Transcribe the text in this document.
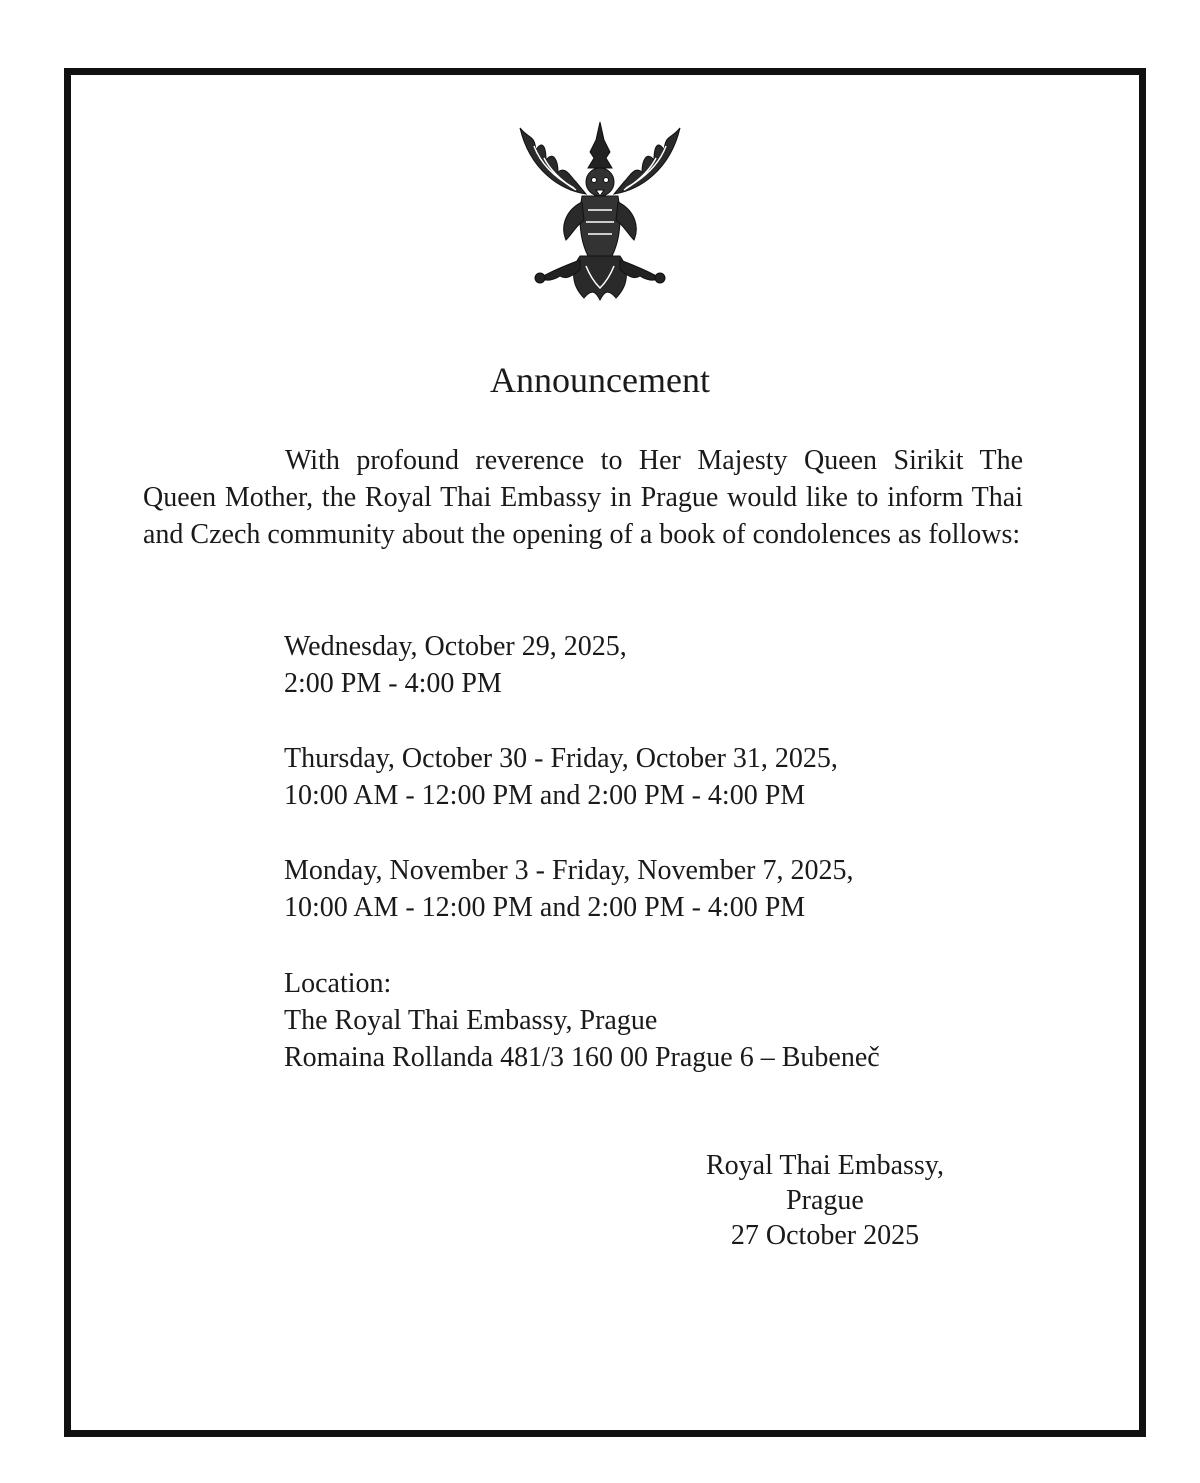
Announcement

With profound reverence to Her Majesty Queen Sirikit The Queen Mother, the Royal Thai Embassy in Prague would like to inform Thai and Czech community about the opening of a book of condolences as follows:

Wednesday, October 29, 2025,
2:00 PM - 4:00 PM
Thursday, October 30 - Friday, October 31, 2025,
10:00 AM - 12:00 PM and 2:00 PM - 4:00 PM
Monday, November 3 - Friday, November 7, 2025,
10:00 AM - 12:00 PM and 2:00 PM - 4:00 PM
Location:
The Royal Thai Embassy, Prague
Romaina Rollanda 481/3 160 00 Prague 6 – Bubeneč
Royal Thai Embassy,
Prague
27 October 2025
